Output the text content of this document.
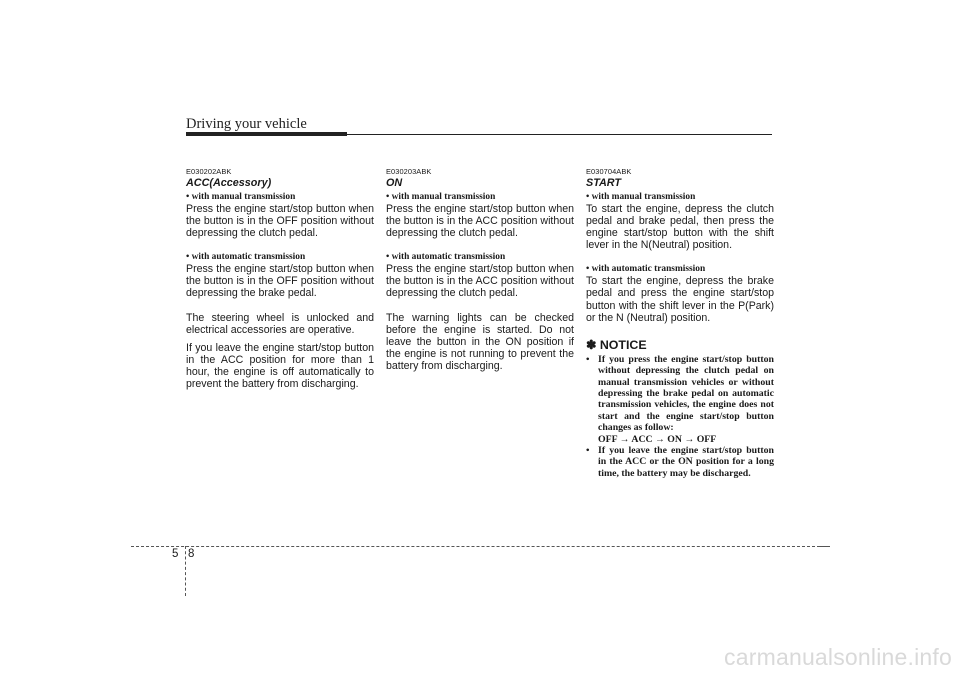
Driving your vehicle
E030202ABK
ACC(Accessory)
• with manual transmission

Press the engine start/stop button when the button is in the OFF position without depressing the clutch pedal.

• with automatic transmission

Press the engine start/stop button when the button is in the OFF position without depressing the brake pedal.

The steering wheel is unlocked and electrical accessories are operative.

If you leave the engine start/stop button in the ACC position for more than 1 hour, the engine is off automatically to prevent the battery from discharging.

E030203ABK
ON
• with manual transmission

Press the engine start/stop button when the button is in the ACC position without depressing the clutch pedal.

• with automatic transmission

Press the engine start/stop button when the button is in the ACC position without depressing the clutch pedal.

The warning lights can be checked before the engine is started. Do not leave the button in the ON position if the engine is not running to prevent the battery from discharging.

E030704ABK
START
• with manual transmission

To start the engine, depress the clutch pedal and brake pedal, then press the engine start/stop button with the shift lever in the N(Neutral) position.

• with automatic transmission

To start the engine, depress the brake pedal and press the engine start/stop button with the shift lever in the P(Park) or the N (Neutral) position.

✽ NOTICE
• If you press the engine start/stop button without depressing the clutch pedal on manual transmission vehicles or without depressing the brake pedal on automatic transmission vehicles, the engine does not start and the engine start/stop button changes as follow:
OFF → ACC → ON → OFF
• If you leave the engine start/stop button in the ACC or the ON position for a long time, the battery may be discharged.
5 8
carmanualsonline.info
